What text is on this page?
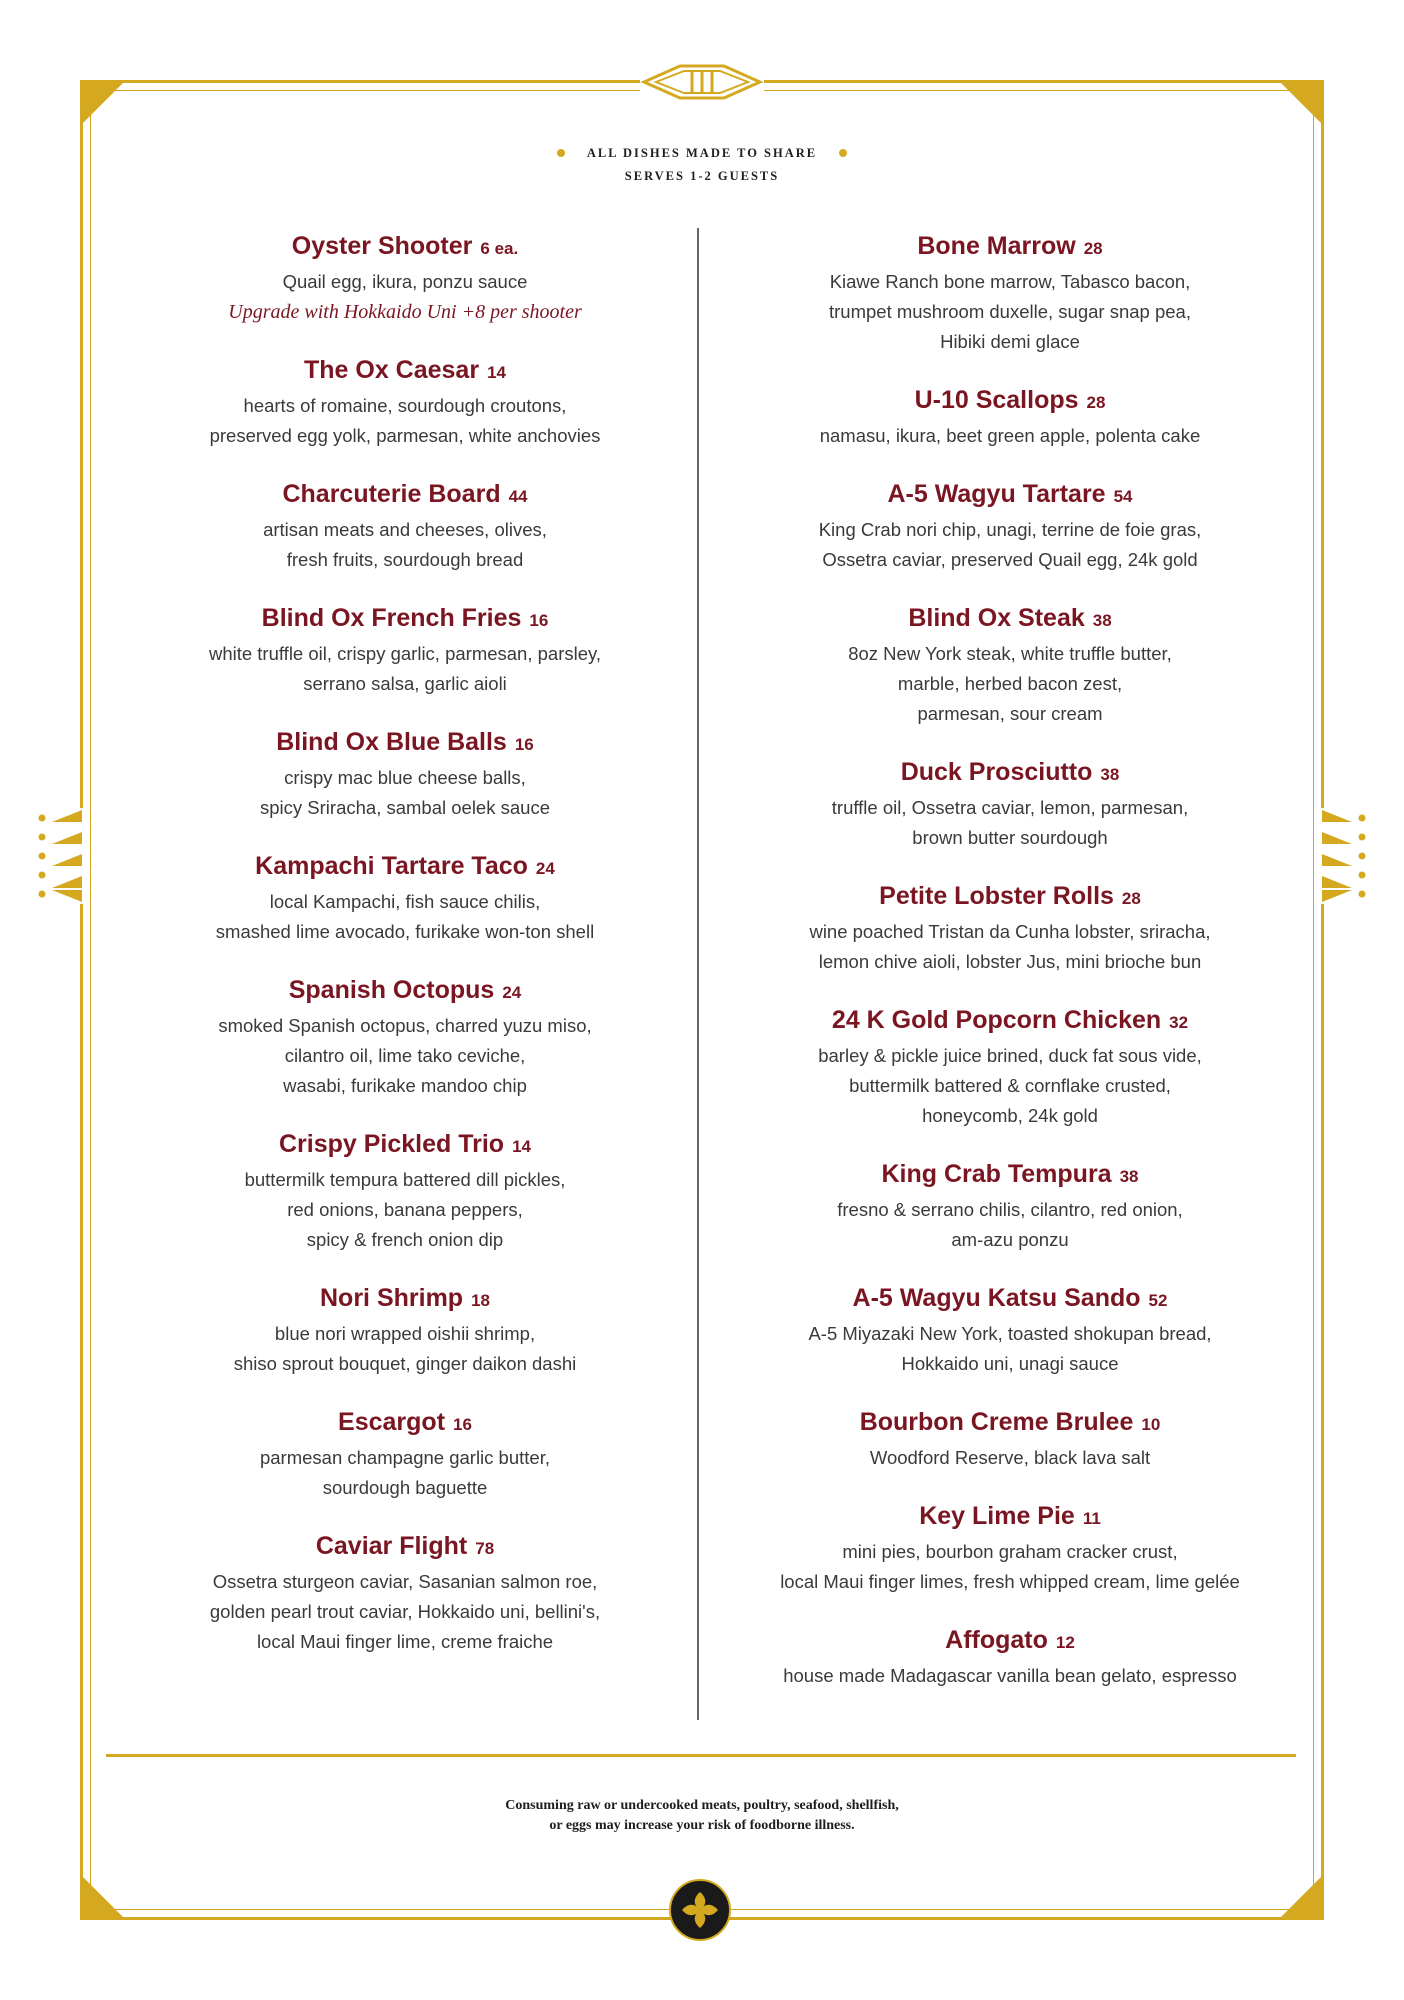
ALL DISHES MADE TO SHARE
SERVES 1-2 GUESTS
Oyster Shooter 6 ea.
Quail egg, ikura, ponzu sauce
Upgrade with Hokkaido Uni +8 per shooter
The Ox Caesar 14
hearts of romaine, sourdough croutons,
preserved egg yolk, parmesan, white anchovies
Charcuterie Board 44
artisan meats and cheeses, olives,
fresh fruits, sourdough bread
Blind Ox French Fries 16
white truffle oil, crispy garlic, parmesan, parsley,
serrano salsa, garlic aioli
Blind Ox Blue Balls 16
crispy mac blue cheese balls,
spicy Sriracha, sambal oelek sauce
Kampachi Tartare Taco 24
local Kampachi, fish sauce chilis,
smashed lime avocado, furikake won-ton shell
Spanish Octopus 24
smoked Spanish octopus, charred yuzu miso,
cilantro oil, lime tako ceviche,
wasabi, furikake mandoo chip
Crispy Pickled Trio 14
buttermilk tempura battered dill pickles,
red onions, banana peppers,
spicy & french onion dip
Nori Shrimp 18
blue nori wrapped oishii shrimp,
shiso sprout bouquet, ginger daikon dashi
Escargot 16
parmesan champagne garlic butter,
sourdough baguette
Caviar Flight 78
Ossetra sturgeon caviar, Sasanian salmon roe,
golden pearl trout caviar, Hokkaido uni, bellini's,
local Maui finger lime, creme fraiche
Bone Marrow 28
Kiawe Ranch bone marrow, Tabasco bacon,
trumpet mushroom duxelle, sugar snap pea,
Hibiki demi glace
U-10 Scallops 28
namasu, ikura, beet green apple, polenta cake
A-5 Wagyu Tartare 54
King Crab nori chip, unagi, terrine de foie gras,
Ossetra caviar, preserved Quail egg, 24k gold
Blind Ox Steak 38
8oz New York steak, white truffle butter,
marble, herbed bacon zest,
parmesan, sour cream
Duck Prosciutto 38
truffle oil, Ossetra caviar, lemon, parmesan,
brown butter sourdough
Petite Lobster Rolls 28
wine poached Tristan da Cunha lobster, sriracha,
lemon chive aioli, lobster Jus, mini brioche bun
24 K Gold Popcorn Chicken 32
barley & pickle juice brined, duck fat sous vide,
buttermilk battered & cornflake crusted,
honeycomb, 24k gold
King Crab Tempura 38
fresno & serrano chilis, cilantro, red onion,
am-azu ponzu
A-5 Wagyu Katsu Sando 52
A-5 Miyazaki New York, toasted shokupan bread,
Hokkaido uni, unagi sauce
Bourbon Creme Brulee 10
Woodford Reserve, black lava salt
Key Lime Pie 11
mini pies, bourbon graham cracker crust,
local Maui finger limes, fresh whipped cream, lime gelée
Affogato 12
house made Madagascar vanilla bean gelato, espresso
Consuming raw or undercooked meats, poultry, seafood, shellfish,
or eggs may increase your risk of foodborne illness.
